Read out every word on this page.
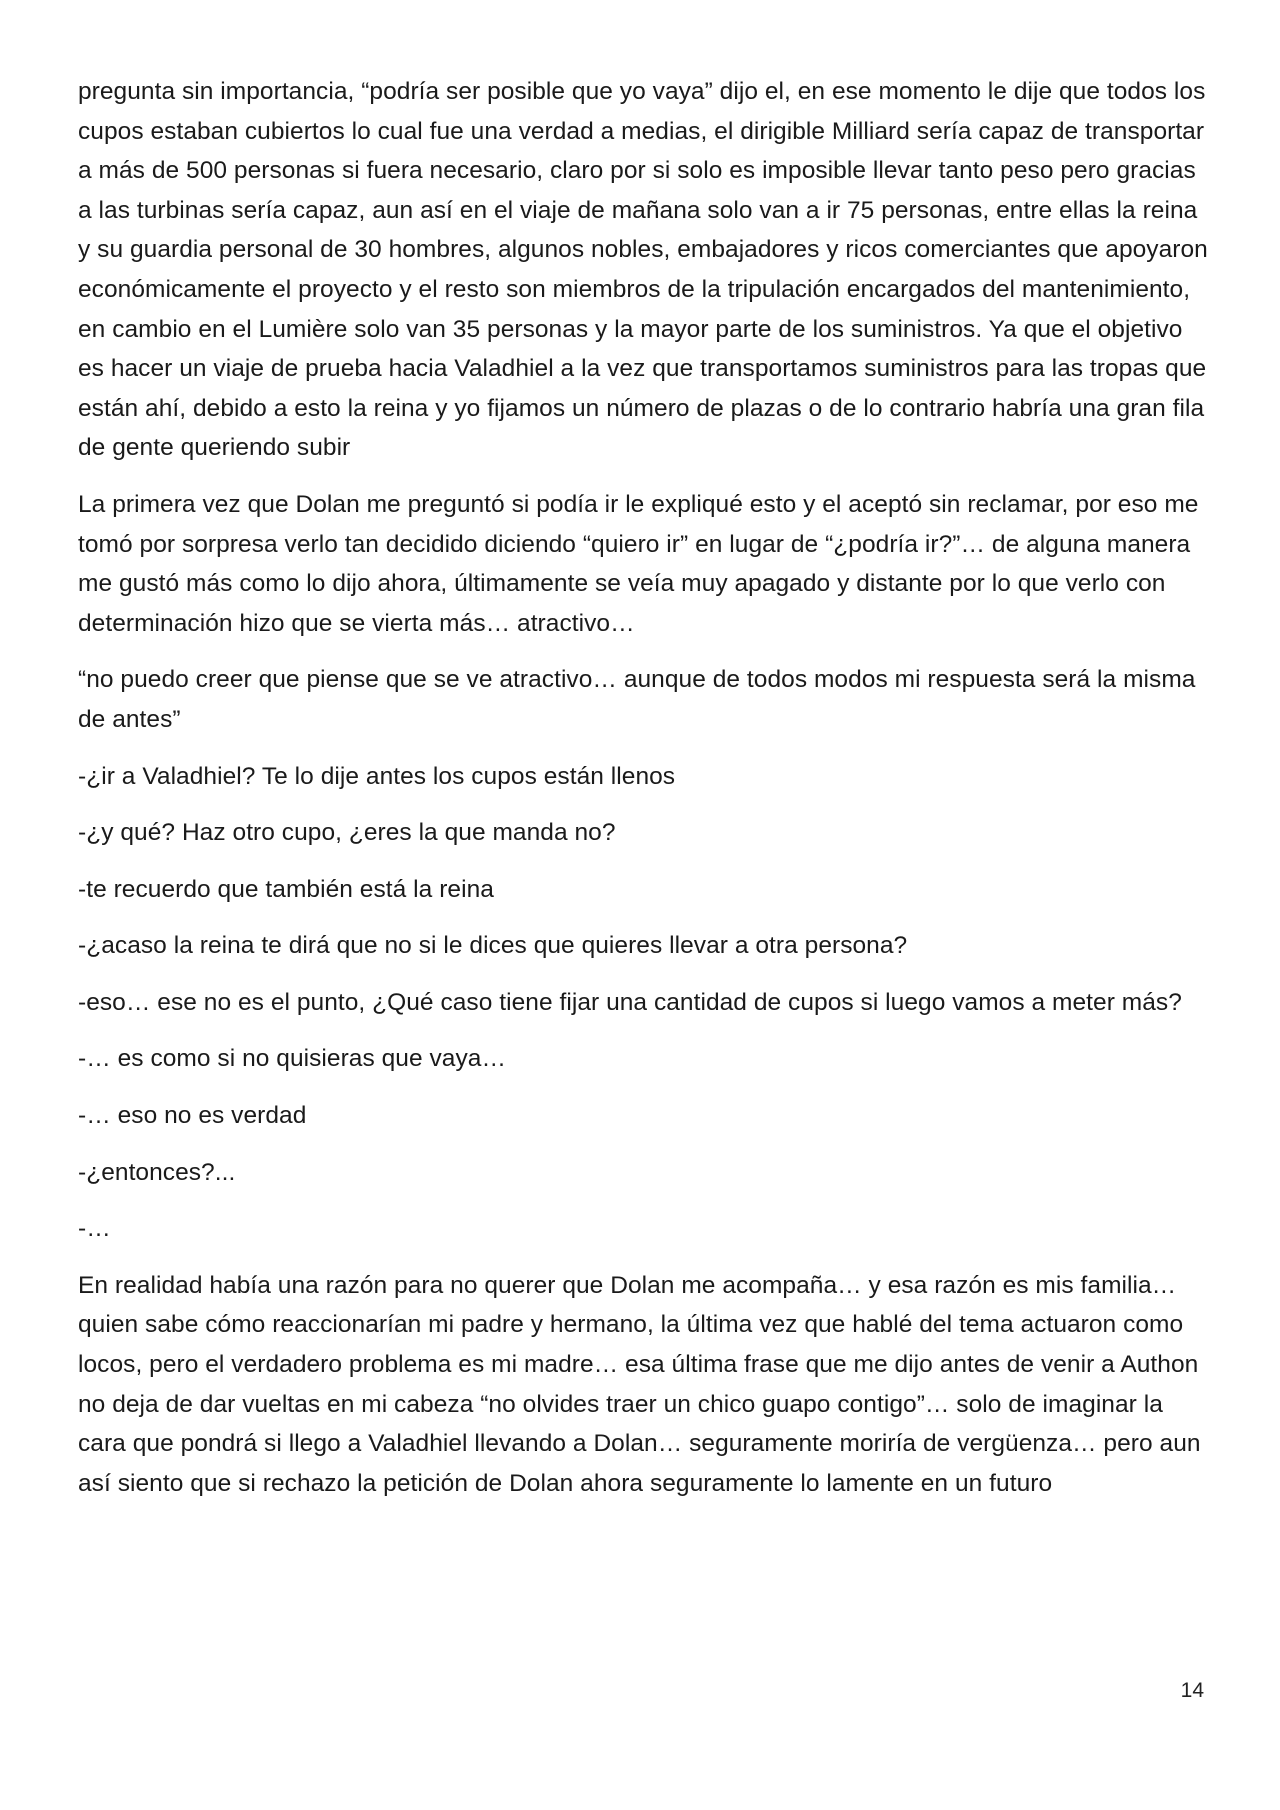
pregunta sin importancia, “podría ser posible que yo vaya” dijo el, en ese momento le dije que todos los cupos estaban cubiertos lo cual fue una verdad a medias, el dirigible Milliard sería capaz de transportar a más de 500 personas si fuera necesario, claro por si solo es imposible llevar tanto peso pero gracias a las turbinas sería capaz, aun así en el viaje de mañana solo van a ir 75 personas, entre ellas la reina y su guardia personal de 30 hombres, algunos nobles, embajadores y ricos comerciantes que apoyaron económicamente el proyecto y el resto son miembros de la tripulación encargados del mantenimiento, en cambio en el Lumière solo van 35 personas y la mayor parte de los suministros. Ya que el objetivo es hacer un viaje de prueba hacia Valadhiel a la vez que transportamos suministros para las tropas que están ahí, debido a esto la reina y yo fijamos un número de plazas o de lo contrario habría una gran fila de gente queriendo subir

La primera vez que Dolan me preguntó si podía ir le expliqué esto y el aceptó sin reclamar, por eso me tomó por sorpresa verlo tan decidido diciendo “quiero ir” en lugar de “¿podría ir?”… de alguna manera me gustó más como lo dijo ahora, últimamente se veía muy apagado y distante por lo que verlo con determinación hizo que se vierta más… atractivo…

“no puedo creer que piense que se ve atractivo… aunque de todos modos mi respuesta será la misma de antes”

-¿ir a Valadhiel? Te lo dije antes los cupos están llenos

-¿y qué? Haz otro cupo, ¿eres la que manda no?

-te recuerdo que también está la reina

-¿acaso la reina te dirá que no si le dices que quieres llevar a otra persona?

-eso… ese no es el punto, ¿Qué caso tiene fijar una cantidad de cupos si luego vamos a meter más?

-… es como si no quisieras que vaya…

-… eso no es verdad

-¿entonces?...

-…

En realidad había una razón para no querer que Dolan me acompaña… y esa razón es mis familia… quien sabe cómo reaccionarían mi padre y hermano, la última vez que hablé del tema actuaron como locos, pero el verdadero problema es mi madre… esa última frase que me dijo antes de venir a Authon no deja de dar vueltas en mi cabeza “no olvides traer un chico guapo contigo”… solo de imaginar la cara que pondrá si llego a Valadhiel llevando a Dolan… seguramente moriría de vergüenza… pero aun así siento que si rechazo la petición de Dolan ahora seguramente lo lamente en un futuro

14
